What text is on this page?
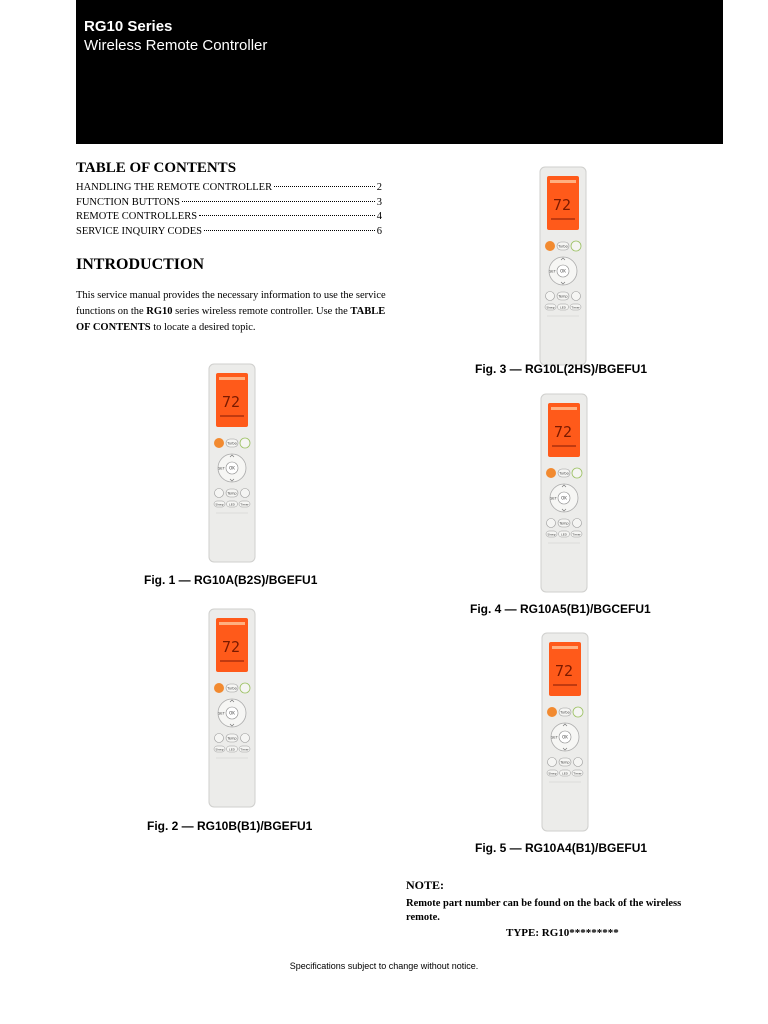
RG10 Series
Wireless Remote Controller
TABLE OF CONTENTS
HANDLING THE REMOTE CONTROLLER	2
FUNCTION BUTTONS	3
REMOTE CONTROLLERS	4
SERVICE INQUIRY CODES	6
INTRODUCTION

This service manual provides the necessary information to use the service functions on the RG10 series wireless remote controller. Use the TABLE OF CONTENTS to locate a desired topic.

72
Turbo
OK
SET
Temp
Sleep LED	Timer
Fig. 1 — RG10A(B2S)/BGEFU1
72
Turbo
OK
SET
Temp
Sleep LED	Timer
Fig. 2 — RG10B(B1)/BGEFU1
72
Turbo
OK
SET
Temp
Sleep LED	Timer
Fig. 3 — RG10L(2HS)/BGEFU1
72
Turbo
OK
SET
Temp
Sleep LED	Timer
Fig. 4 — RG10A5(B1)/BGCEFU1
72
Turbo
OK
SET
Temp
Sleep LED	Timer
Fig. 5 — RG10A4(B1)/BGEFU1
NOTE:
Remote part number can be found on the back of the wireless remote.
TYPE: RG10*********
Specifications subject to change without notice.
